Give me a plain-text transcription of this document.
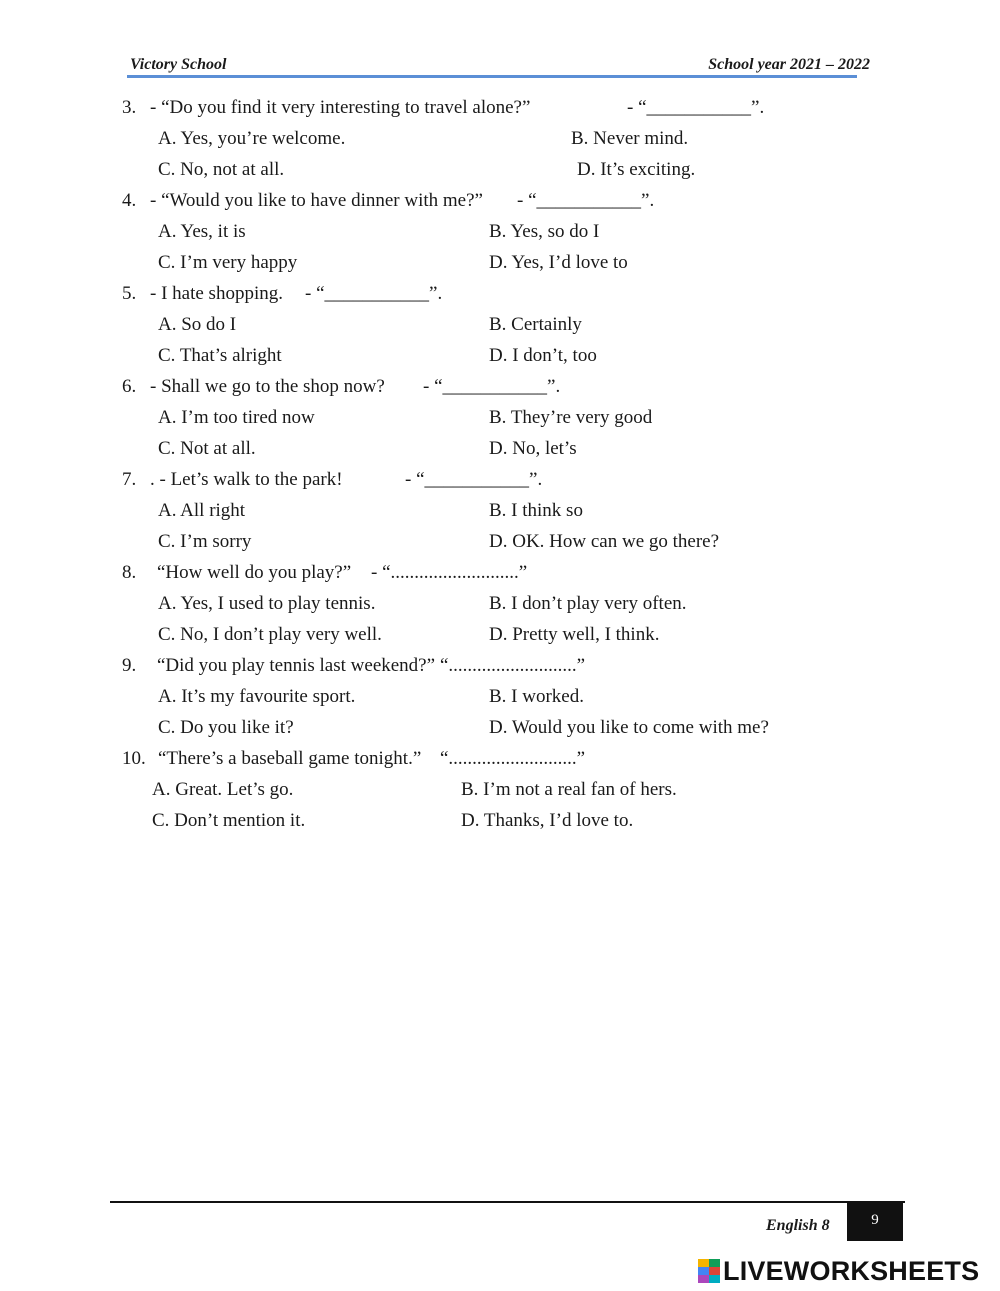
Victory School	School year 2021 – 2022
3. - “Do you find it very interesting to travel alone?”	- “___________”.
A. Yes, you’re welcome.	B. Never mind.
C. No, not at all.	D. It’s exciting.
4. - “Would you like to have dinner with me?” - “___________”.
A. Yes, it is	B. Yes, so do I
C. I’m very happy	D. Yes, I’d love to
5. - I hate shopping. - “___________”.
A. So do I	B. Certainly
C. That’s alright	D. I don’t, too
6. - Shall we go to the shop now? - “___________”.
A. I’m too tired now	B. They’re very good
C. Not at all.	D. No, let’s
7. . - Let’s walk to the park!	- “___________”.
A. All right	B. I think so
C. I’m sorry	D. OK. How can we go there?
8. “How well do you play?” - “...........................”
A. Yes, I used to play tennis.	B. I don’t play very often.
C. No, I don’t play very well.	D. Pretty well, I think.
9. “Did you play tennis last weekend?” “...........................”
A. It’s my favourite sport.	B. I worked.
C. Do you like it?	D. Would you like to come with me?
10. “There’s a baseball game tonight.” “...........................”
A. Great. Let’s go.	B. I’m not a real fan of hers.
C. Don’t mention it.	D. Thanks, I’d love to.
English 8	9
LIVEWORKSHEETS
